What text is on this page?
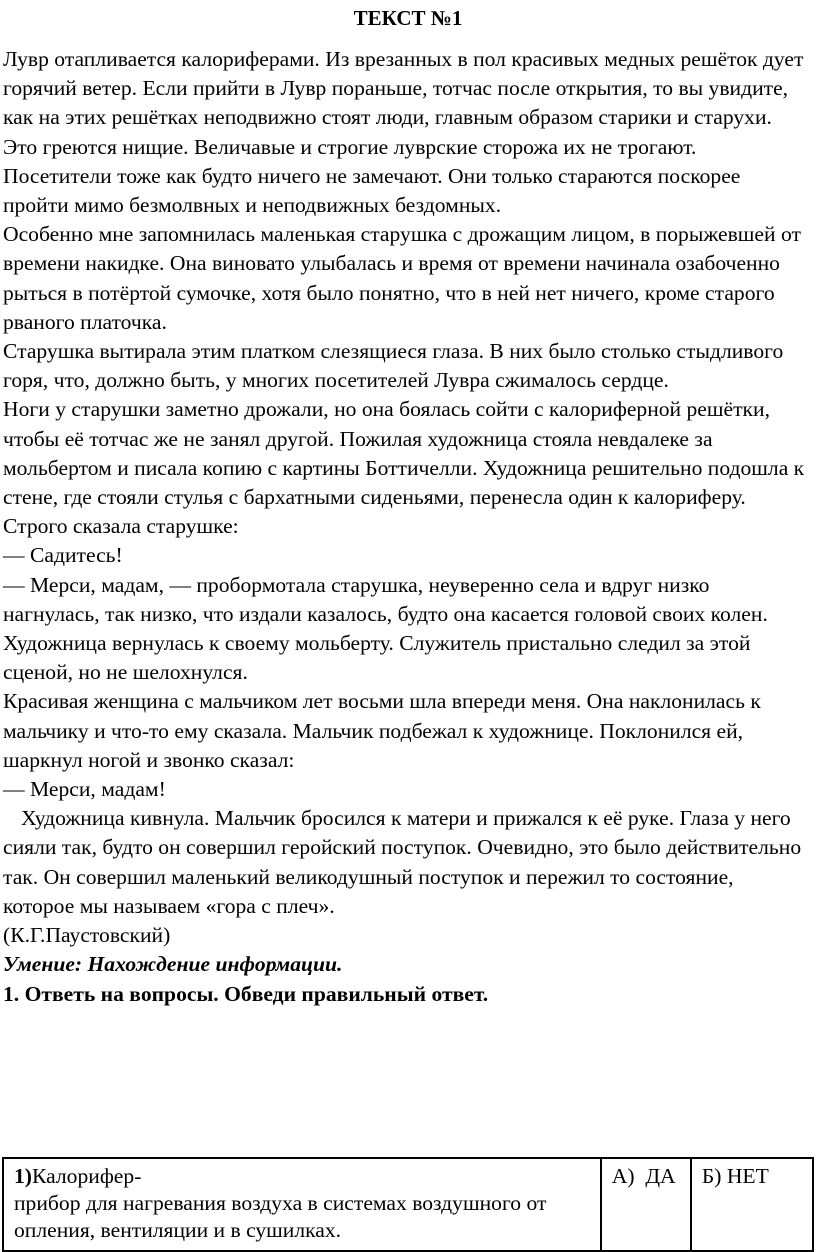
ТЕКСТ №1

Лувр отапливается калориферами. Из врезанных в пол красивых медных решёток дует горячий ветер. Если прийти в Лувр пораньше, тотчас после открытия, то вы увидите, как на этих решётках неподвижно стоят люди, главным образом старики и старухи.

Это греются нищие. Величавые и строгие луврские сторожа их не трогают. Посетители тоже как будто ничего не замечают. Они только стараются поскорее пройти мимо безмолвных и неподвижных бездомных.

Особенно мне запомнилась маленькая старушка с дрожащим лицом, в порыжевшей от времени накидке. Она виновато улыбалась и время от времени начинала озабоченно рыться в потёртой сумочке, хотя было понятно, что в ней нет ничего, кроме старого рваного платочка.

Старушка вытирала этим платком слезящиеся глаза. В них было столько стыдливого горя, что, должно быть, у многих посетителей Лувра сжималось сердце.

Ноги у старушки заметно дрожали, но она боялась сойти с калориферной решётки, чтобы её тотчас же не занял другой. Пожилая художница стояла невдалеке за мольбертом и писала копию с картины Боттичелли. Художница решительно подошла к стене, где стояли стулья с бархатными сиденьями, перенесла один к калориферу. Строго сказала старушке:

— Садитесь!

— Мерси, мадам, — пробормотала старушка, неуверенно села и вдруг низко нагнулась, так низко, что издали казалось, будто она касается головой своих колен.

Художница вернулась к своему мольберту. Служитель пристально следил за этой сценой, но не шелохнулся.

Красивая женщина с мальчиком лет восьми шла впереди меня. Она наклонилась к мальчику и что-то ему сказала. Мальчик подбежал к художнице. Поклонился ей, шаркнул ногой и звонко сказал:

— Мерси, мадам!

Художница кивнула. Мальчик бросился к матери и прижался к её руке. Глаза у него сияли так, будто он совершил геройский поступок. Очевидно, это было действительно так. Он совершил маленький великодушный поступок и пережил то состояние, которое мы называем «гора с плеч».

(К.Г.Паустовский)

Умение: Нахождение информации.

1. Ответь на вопросы. Обведи правильный ответ.

1)Калорифер-
прибор для нагревания воздуха в системах воздушного от опления, вентиляции и в сушилках.	А)  ДА	Б) НЕТ
